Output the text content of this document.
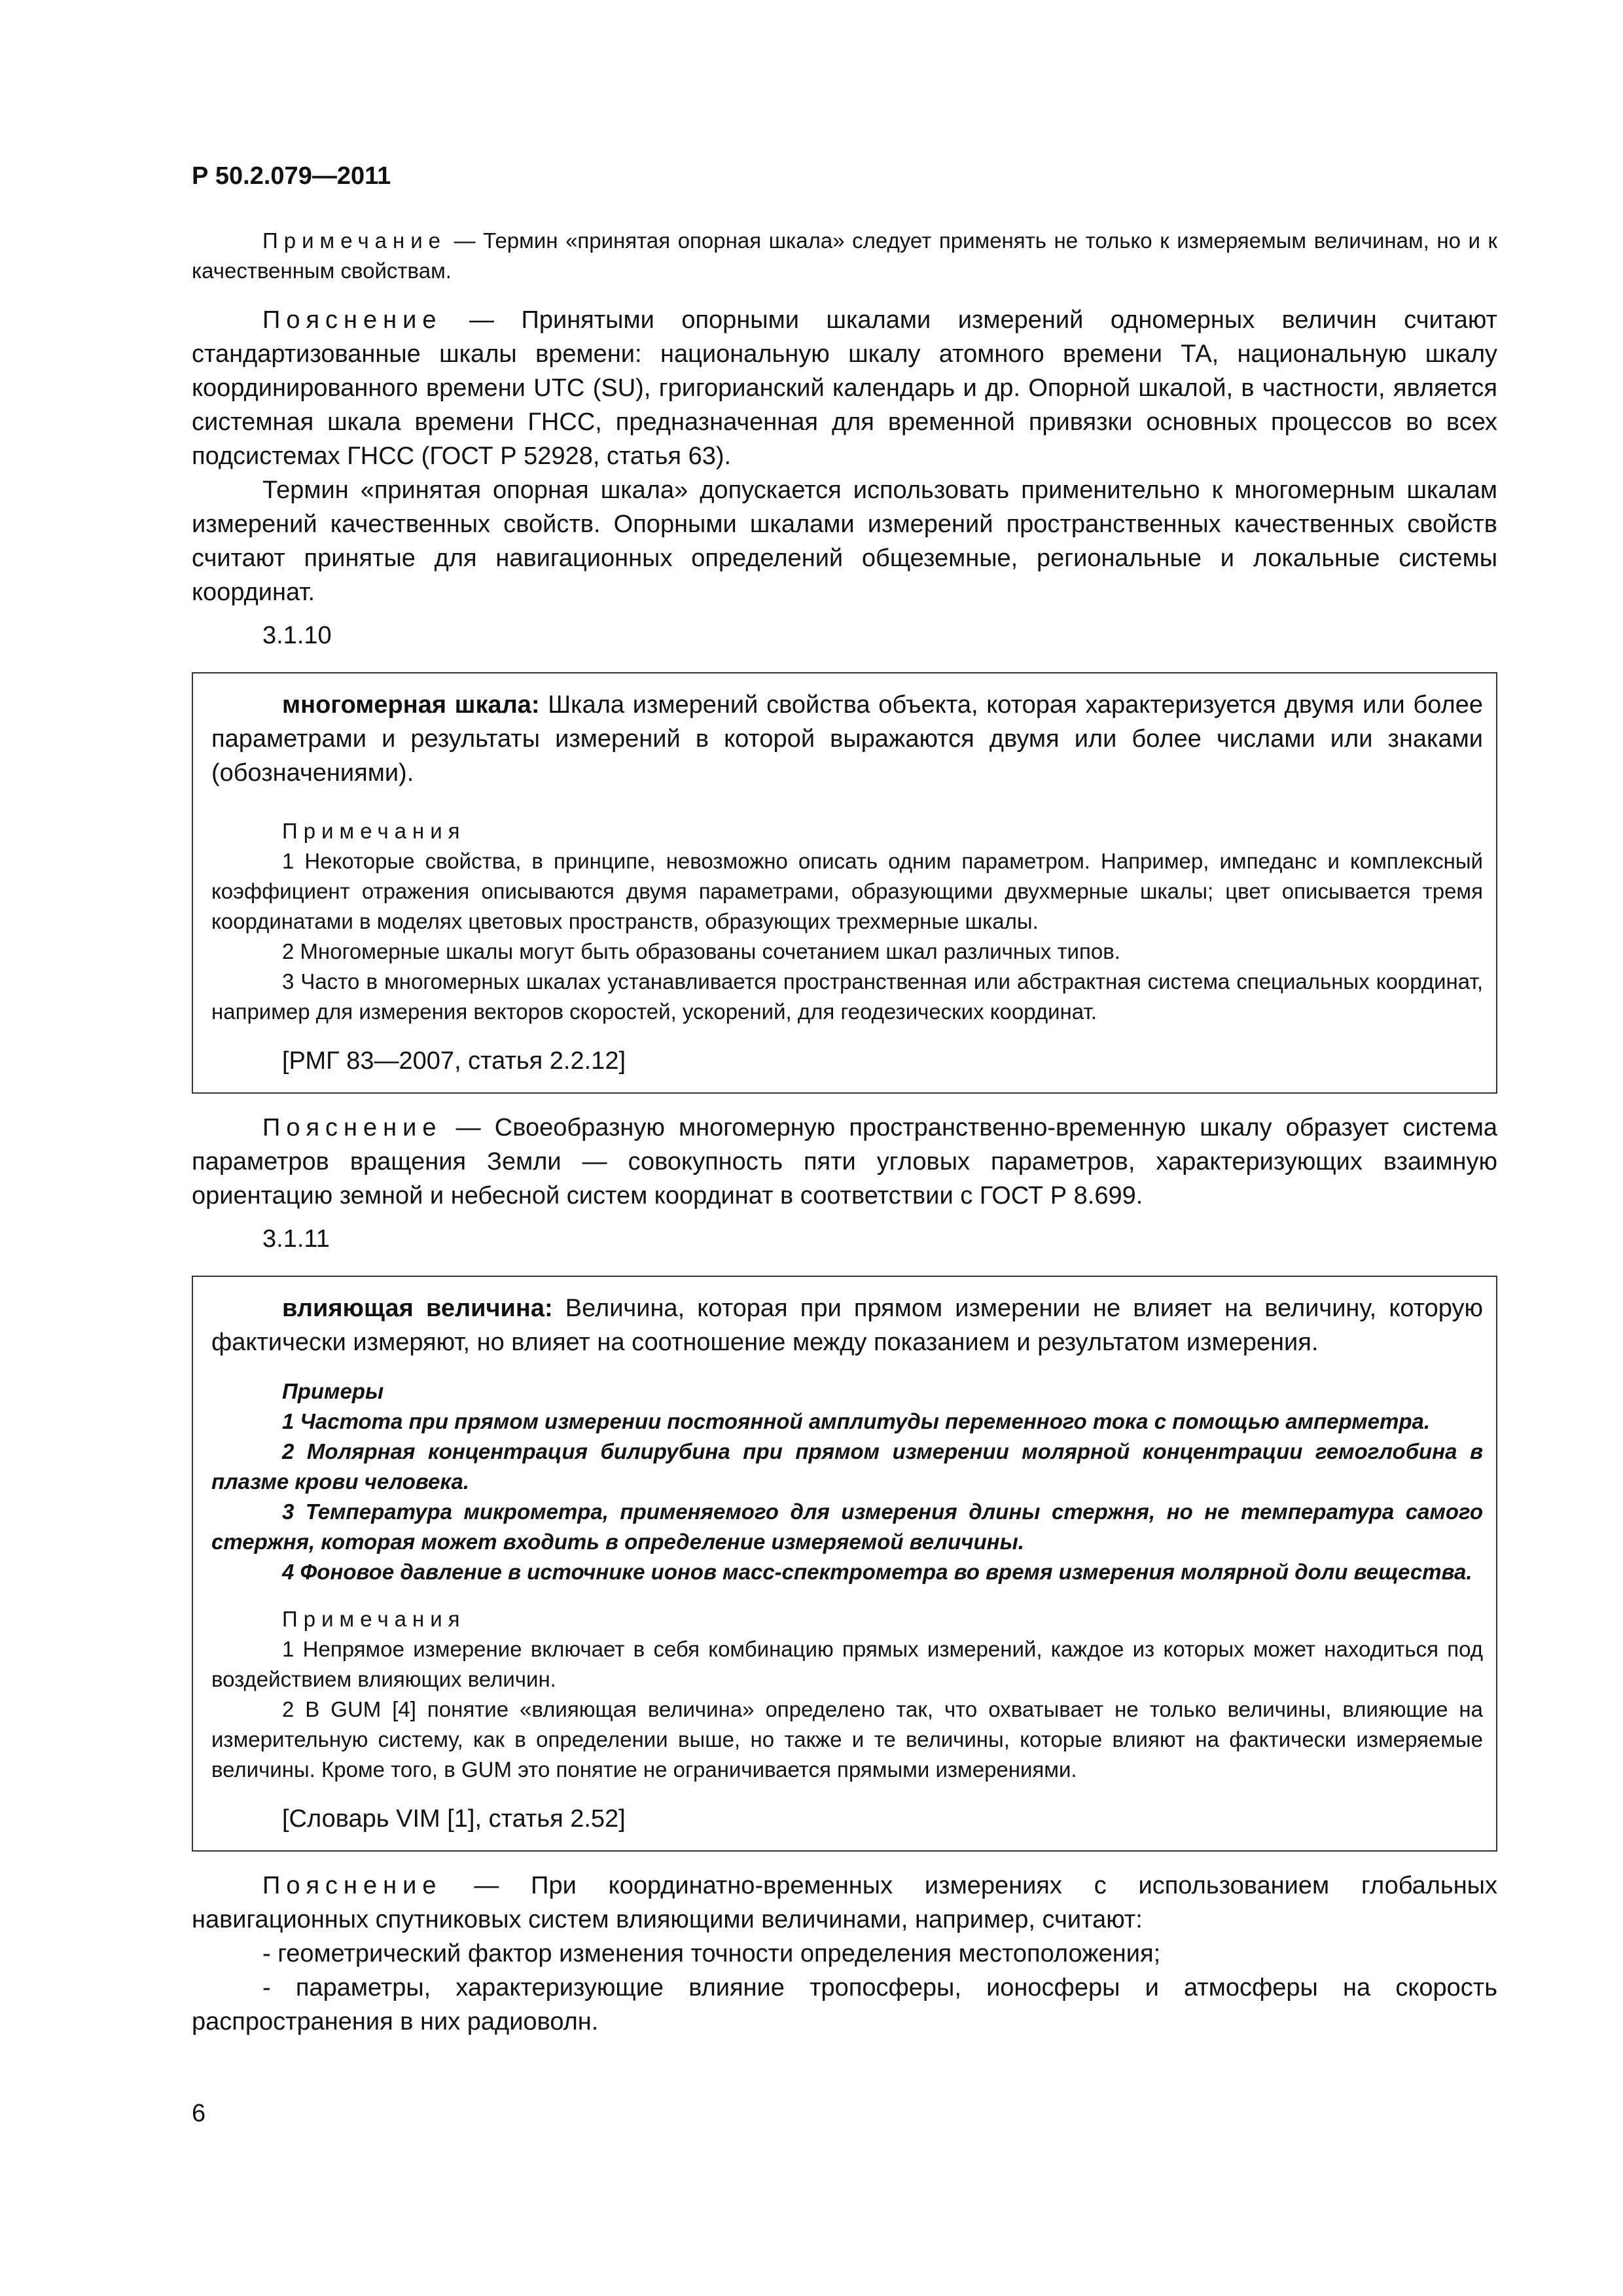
Р 50.2.079—2011

Примечание — Термин «принятая опорная шкала» следует применять не только к измеряемым величинам, но и к качественным свойствам.

Пояснение — Принятыми опорными шкалами измерений одномерных величин считают стандартизованные шкалы времени: национальную шкалу атомного времени ТА, национальную шкалу координированного времени UTC (SU), григорианский календарь и др. Опорной шкалой, в частности, является системная шкала времени ГНСС, предназначенная для временной привязки основных процессов во всех подсистемах ГНСС (ГОСТ Р 52928, статья 63).

Термин «принятая опорная шкала» допускается использовать применительно к многомерным шкалам измерений качественных свойств. Опорными шкалами измерений пространственных качественных свойств считают принятые для навигационных определений общеземные, региональные и локальные системы координат.

3.1.10

многомерная шкала: Шкала измерений свойства объекта, которая характеризуется двумя или более параметрами и результаты измерений в которой выражаются двумя или более числами или знаками (обозначениями).

Примечания

1 Некоторые свойства, в принципе, невозможно описать одним параметром. Например, импеданс и комплексный коэффициент отражения описываются двумя параметрами, образующими двухмерные шкалы; цвет описывается тремя координатами в моделях цветовых пространств, образующих трехмерные шкалы.

2 Многомерные шкалы могут быть образованы сочетанием шкал различных типов.

3 Часто в многомерных шкалах устанавливается пространственная или абстрактная система специальных координат, например для измерения векторов скоростей, ускорений, для геодезических координат.

[РМГ 83—2007, статья 2.2.12]

Пояснение — Своеобразную многомерную пространственно-временную шкалу образует система параметров вращения Земли — совокупность пяти угловых параметров, характеризующих взаимную ориентацию земной и небесной систем координат в соответствии с ГОСТ Р 8.699.

3.1.11

влияющая величина: Величина, которая при прямом измерении не влияет на величину, которую фактически измеряют, но влияет на соотношение между показанием и результатом измерения.

Примеры

1 Частота при прямом измерении постоянной амплитуды переменного тока с помощью амперметра.

2 Молярная концентрация билирубина при прямом измерении молярной концентрации гемоглобина в плазме крови человека.

3 Температура микрометра, применяемого для измерения длины стержня, но не температура самого стержня, которая может входить в определение измеряемой величины.

4 Фоновое давление в источнике ионов масс-спектрометра во время измерения молярной доли вещества.

Примечания

1 Непрямое измерение включает в себя комбинацию прямых измерений, каждое из которых может находиться под воздействием влияющих величин.

2 В GUM [4] понятие «влияющая величина» определено так, что охватывает не только величины, влияющие на измерительную систему, как в определении выше, но также и те величины, которые влияют на фактически измеряемые величины. Кроме того, в GUM это понятие не ограничивается прямыми измерениями.

[Словарь VIM [1], статья 2.52]

Пояснение — При координатно-временных измерениях с использованием глобальных навигационных спутниковых систем влияющими величинами, например, считают:

- геометрический фактор изменения точности определения местоположения;

- параметры, характеризующие влияние тропосферы, ионосферы и атмосферы на скорость распространения в них радиоволн.

6
